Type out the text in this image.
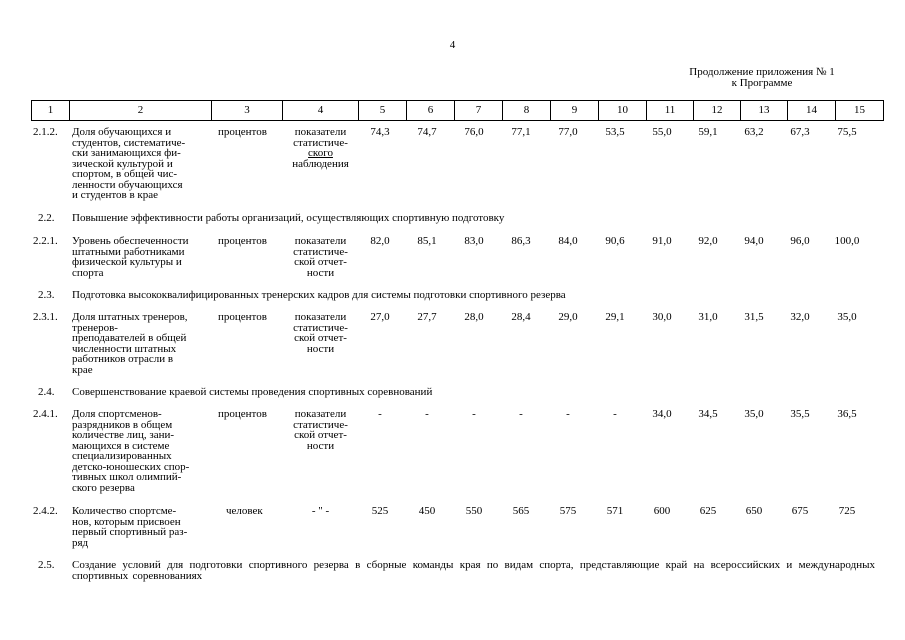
4
Продолжение приложения № 1
к Программе
1	2	3	4	5	6	7	8	9	10	11	12	13	14	15
2.1.2. Доля обучающихся и
студентов, систематиче-
ски занимающихся фи-
зической культурой и
спортом, в общей чис-
ленности обучающихся
и студентов в крае
процентов	показатели
статистиче-
ского
наблюдения
74,3	74,7	76,0	77,1	77,0	53,5	55,0	59,1	63,2	67,3	75,5
2.2. Повышение эффективности работы организаций, осуществляющих спортивную подготовку
2.2.1. Уровень обеспеченности
штатными работниками
физической культуры и
спорта
процентов	показатели
статистиче-
ской отчет-
ности
82,0	85,1	83,0	86,3	84,0	90,6	91,0	92,0	94,0	96,0	100,0
2.3. Подготовка высококвалифицированных тренерских кадров для системы подготовки спортивного резерва
2.3.1. Доля штатных тренеров,
тренеров-
преподавателей в общей
численности штатных
работников отрасли в
крае
процентов	показатели
статистиче-
ской отчет-
ности
27,0	27,7	28,0	28,4	29,0	29,1	30,0	31,0	31,5	32,0	35,0
2.4. Совершенствование краевой системы проведения спортивных соревнований
2.4.1. Доля спортсменов-
разрядников в общем
количестве лиц, зани-
мающихся в системе
специализированных
детско-юношеских спор-
тивных школ олимпий-
ского резерва
процентов	показатели
статистиче-
ской отчет-
ности
-	-	-	-	-	-	34,0	34,5	35,0	35,5	36,5
2.4.2. Количество спортсме-
нов, которым присвоен
первый спортивный раз-
ряд
человек	- " -	525	450	550	565	575	571	600	625	650	675	725
2.5. Создание условий для подготовки спортивного резерва в сборные команды края по видам спорта, представляющие край на всероссийских и международных спортивных соревнованиях
